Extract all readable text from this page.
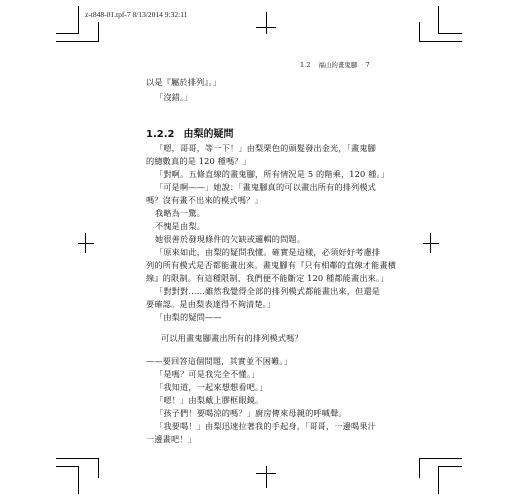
z-t848-01.tpf-7 8/13/2014 9:32:11
1.2 福山的畫鬼腳 7
以是『屬於排列』。」
「沒錯。」
1.2.2 由梨的疑問
「嗯，哥哥，等一下！」由梨栗色的頭髮發出金光，「畫鬼腳
的總數真的是 120 種嗎？」
「對啊。五條直線的畫鬼腳，所有情況是 5 的階乘，120 種。」
「可是啊——」她說：「畫鬼腳真的可以畫出所有的排列模式
嗎？沒有畫不出來的模式嗎？」
我略為一驚。
不愧是由梨。
她很善於發現條件的欠缺或邏輯的問題。
「原來如此，由梨的疑問我懂。確實是這樣，必須好好考慮排
列的所有模式是否都能畫出來。畫鬼腳有『只有相鄰的直線才能畫橫
線』的限制。有這種限制，我們便不能斷定 120 種都能畫出來。」
「對對對……雖然我覺得全部的排列模式都能畫出來，但還是
要確認。是由梨表達得不夠清楚。」
「由梨的疑問——
可以用畫鬼腳畫出所有的排列模式嗎？
——要回答這個問題，其實並不困難。」
「是嗎？可是我完全不懂。」
「我知道，一起來想想看吧。」
「嗯！」由梨戴上膠框眼鏡。
「孩子們！要喝涼的嗎？」廚房傳來母親的呼喊聲。
「我要喝！」由梨迅速拉著我的手起身，「哥哥，一邊喝果汁
一邊畫吧！」
